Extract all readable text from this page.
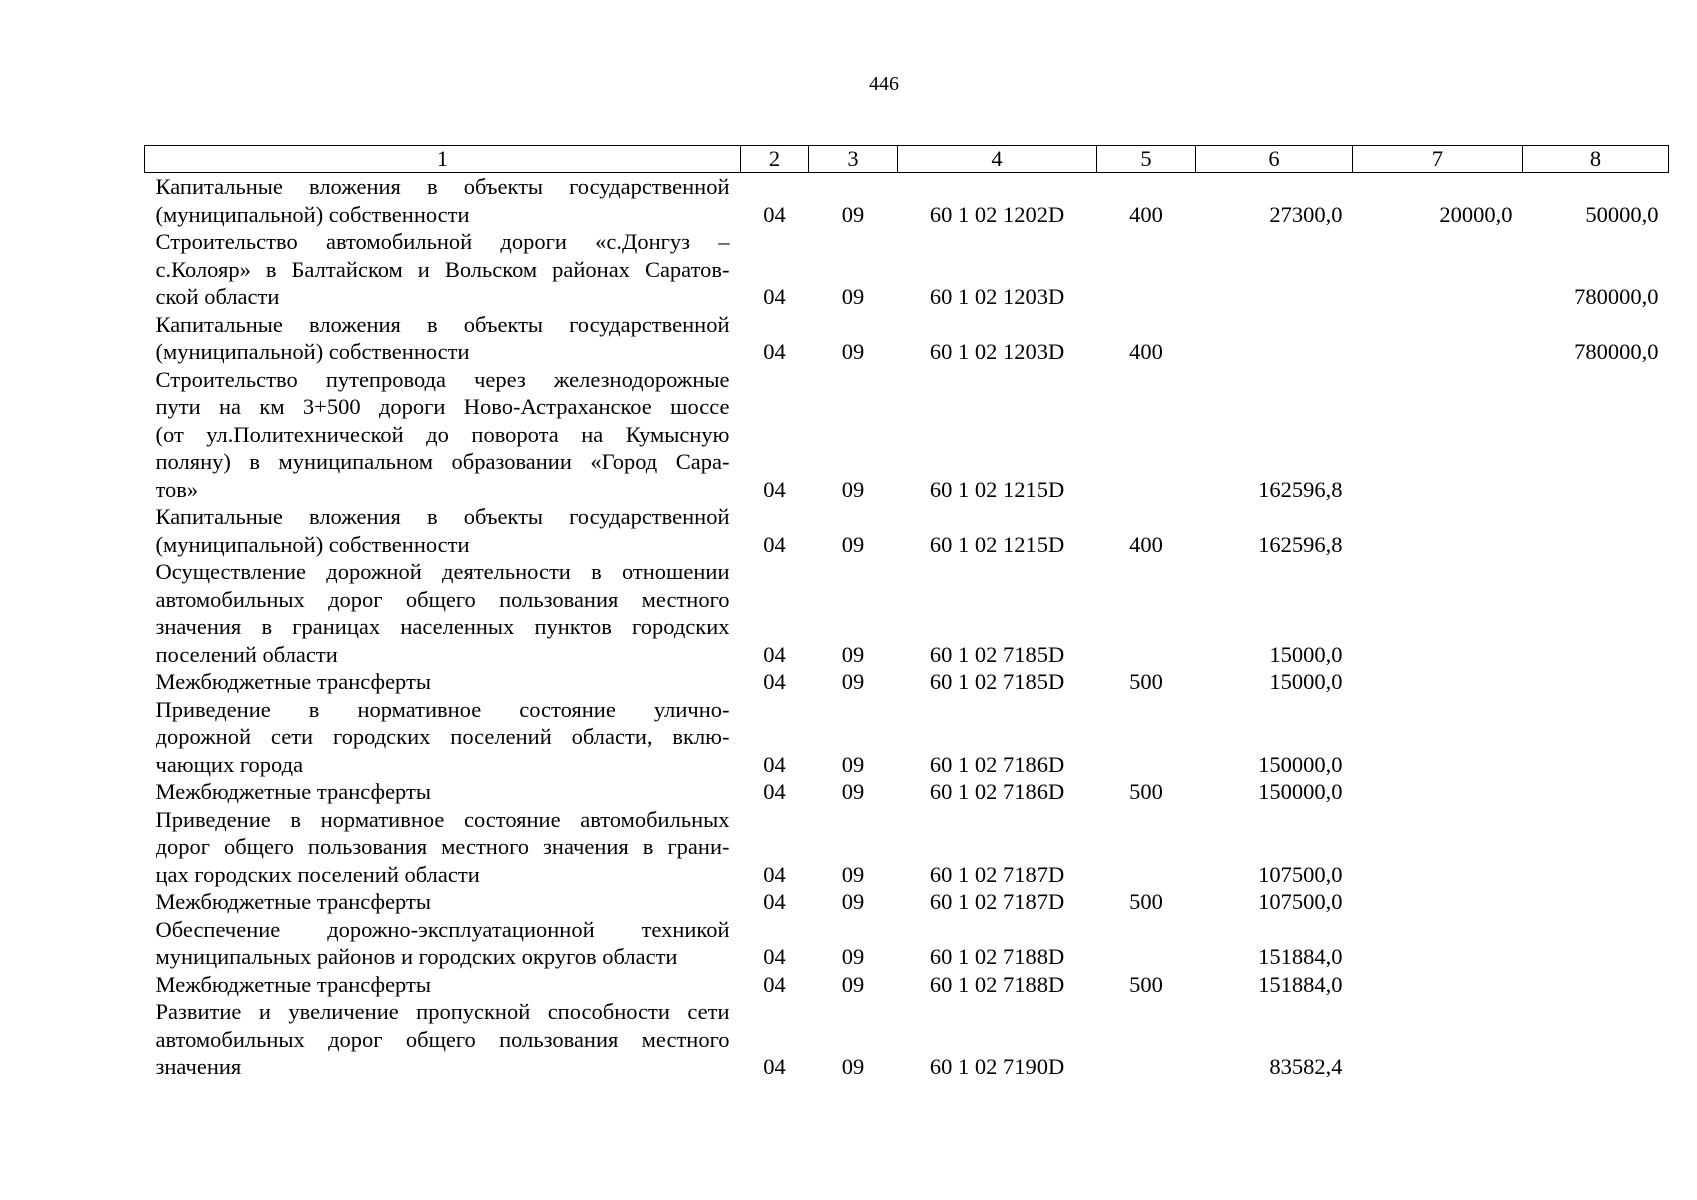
446
1	2	3	4	5	6	7	8

Капитальные вложения в объекты государственной
(муниципальной) собственности	04	09	60 1 02 1202D	400	27300,0	20000,0	50000,0

Строительство автомобильной дороги «с.Донгуз –
с.Колояр» в Балтайском и Вольском районах Саратов-
ской области	04	09	60 1 02 1203D				780000,0

Капитальные вложения в объекты государственной
(муниципальной) собственности	04	09	60 1 02 1203D	400			780000,0

Строительство путепровода через железнодорожные
пути на км 3+500 дороги Ново-Астраханское шоссе
(от ул.Политехнической до поворота на Кумысную
поляну) в муниципальном образовании «Город Сара-
тов»	04	09	60 1 02 1215D		162596,8		

Капитальные вложения в объекты государственной
(муниципальной) собственности	04	09	60 1 02 1215D	400	162596,8		

Осуществление дорожной деятельности в отношении
автомобильных дорог общего пользования местного
значения в границах населенных пунктов городских
поселений области	04	09	60 1 02 7185D		15000,0		

Межбюджетные трансферты	04	09	60 1 02 7185D	500	15000,0		

Приведение в нормативное состояние улично-
дорожной сети городских поселений области, вклю-
чающих города	04	09	60 1 02 7186D		150000,0		

Межбюджетные трансферты	04	09	60 1 02 7186D	500	150000,0		

Приведение в нормативное состояние автомобильных
дорог общего пользования местного значения в грани-
цах городских поселений области	04	09	60 1 02 7187D		107500,0		

Межбюджетные трансферты	04	09	60 1 02 7187D	500	107500,0		

Обеспечение дорожно-эксплуатационной техникой
муниципальных районов и городских округов области	04	09	60 1 02 7188D		151884,0		

Межбюджетные трансферты	04	09	60 1 02 7188D	500	151884,0		

Развитие и увеличение пропускной способности сети
автомобильных дорог общего пользования местного
значения	04	09	60 1 02 7190D		83582,4		
